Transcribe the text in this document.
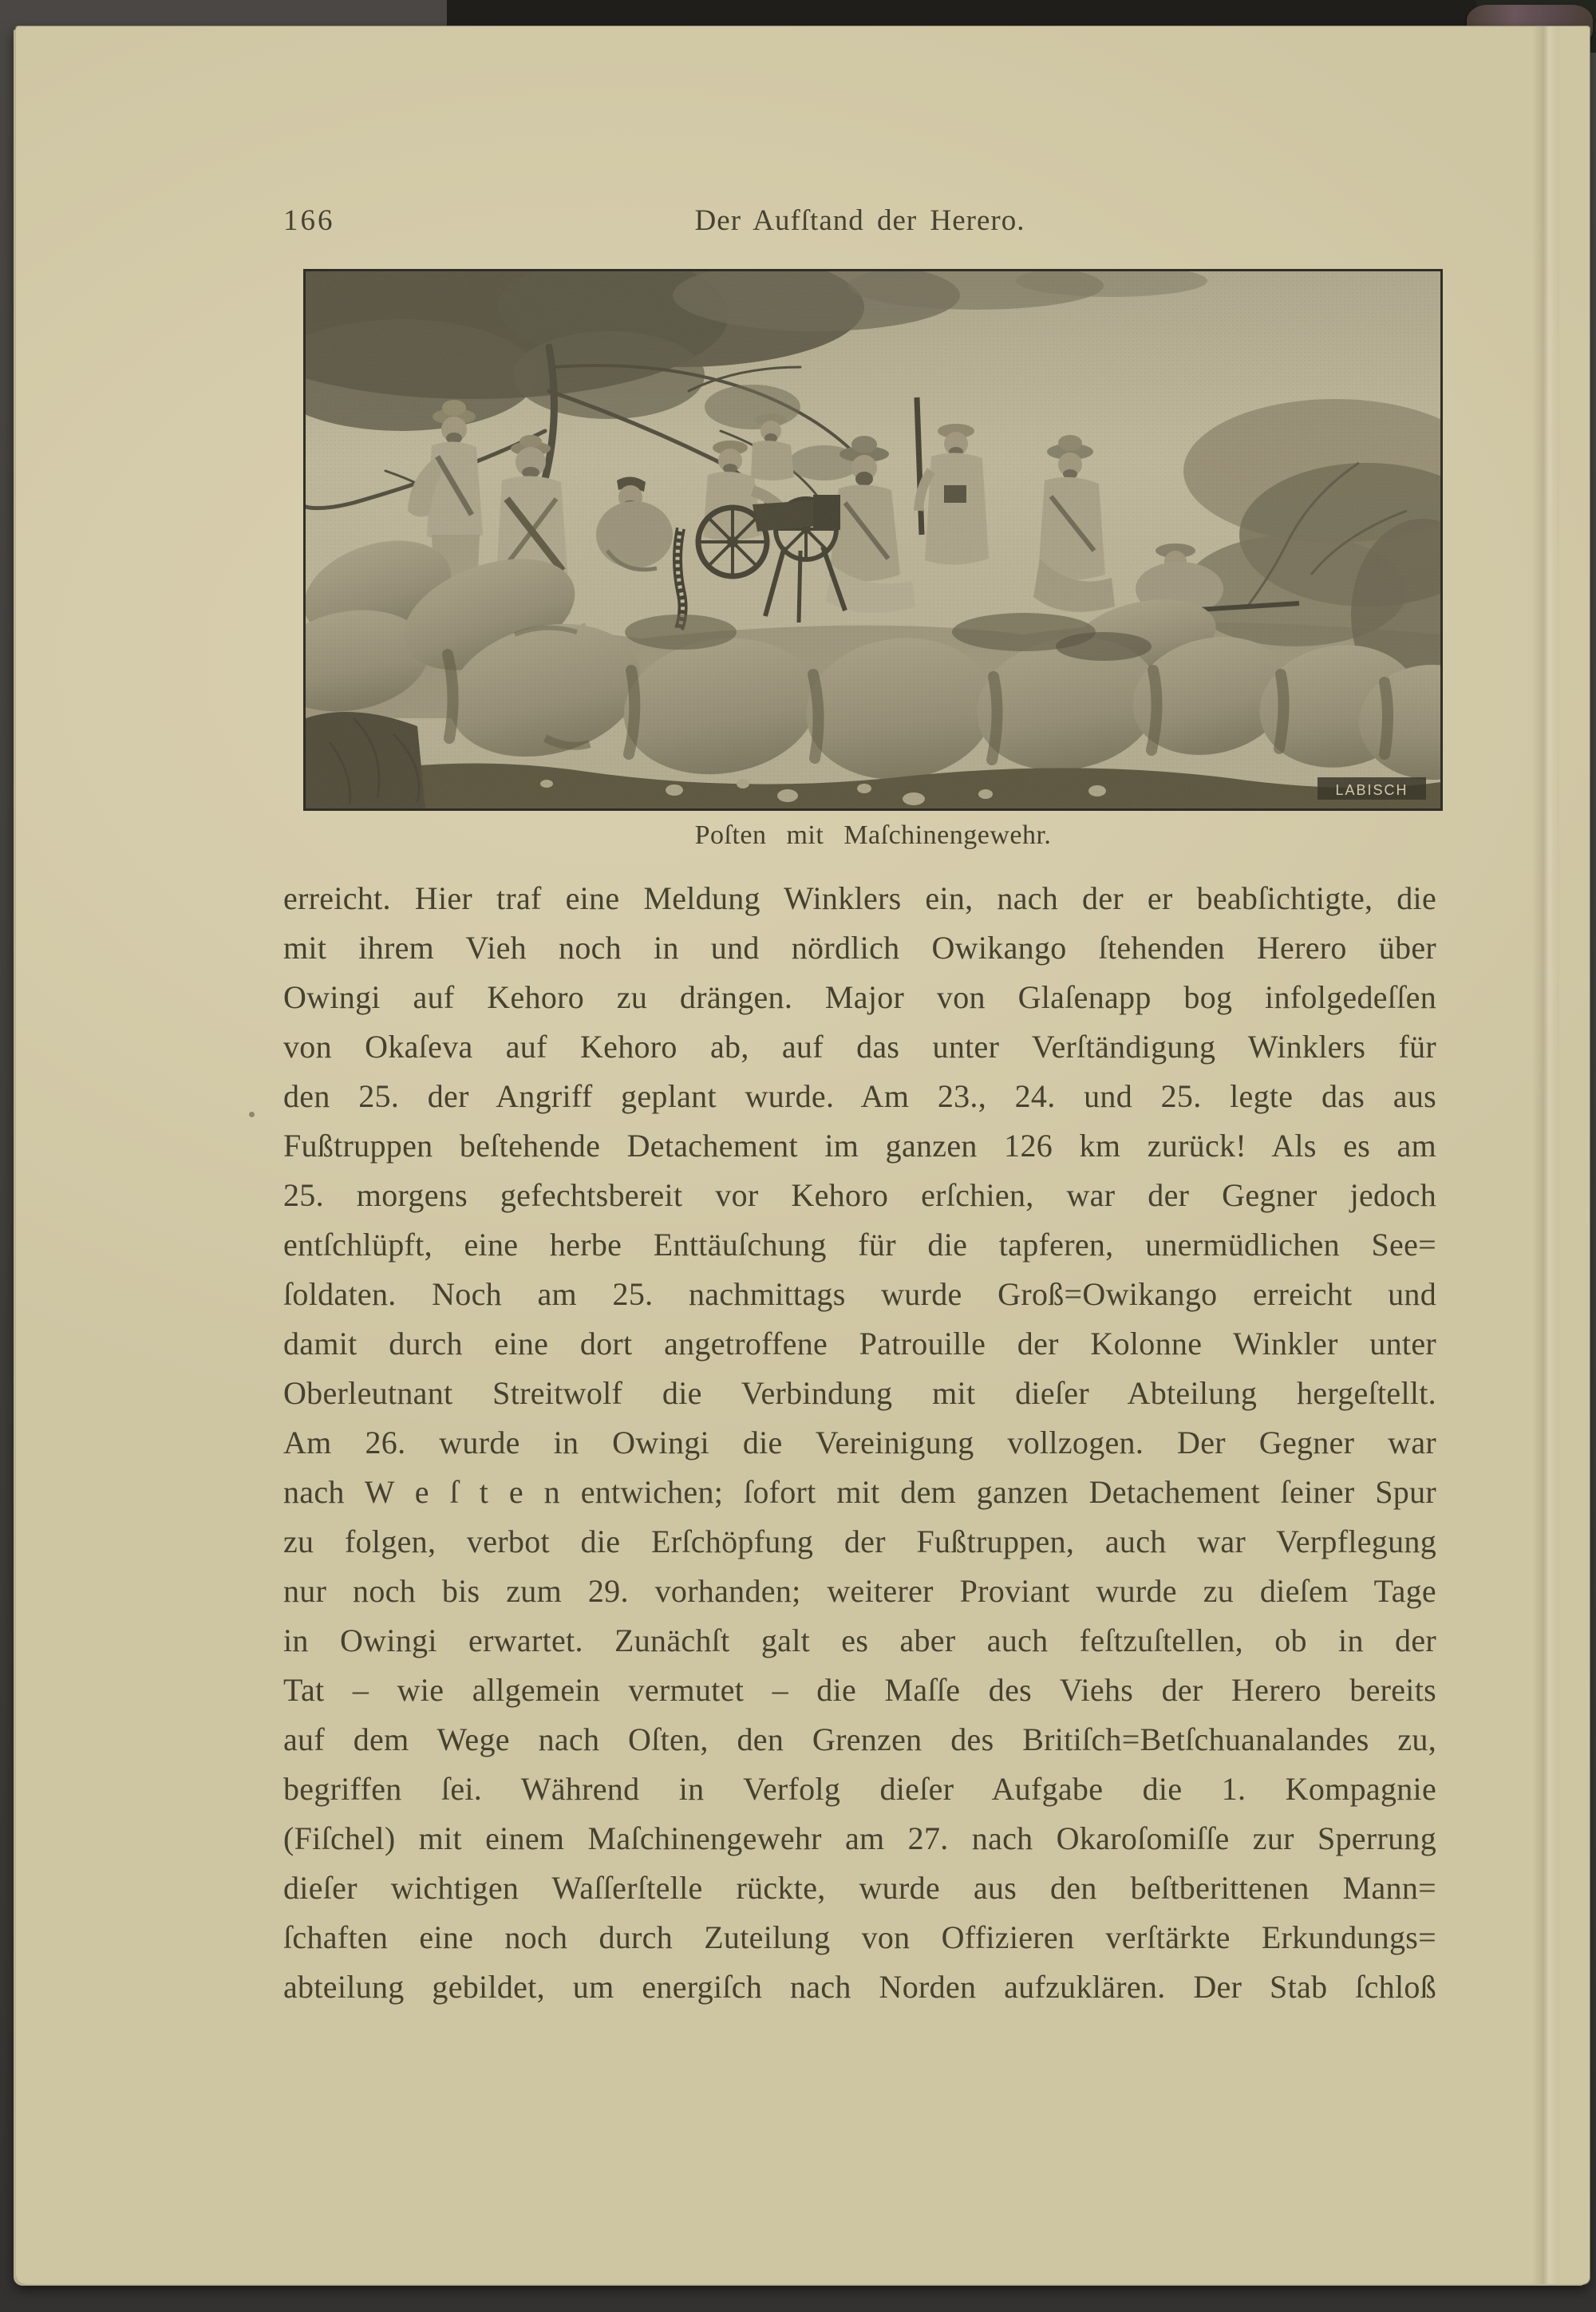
166	Der Aufſtand der Herero.
LABISCH
Poſten mit Maſchinengewehr.
erreicht. Hier traf eine Meldung Winklers ein, nach der er beabſichtigte, die
mit ihrem Vieh noch in und nördlich Owikango ſtehenden Herero über
Owingi auf Kehoro zu drängen. Major von Glaſenapp bog infolgedeſſen
von Okaſeva auf Kehoro ab, auf das unter Verſtändigung Winklers für
den 25. der Angriff geplant wurde. Am 23., 24. und 25. legte das aus
Fußtruppen beſtehende Detachement im ganzen 126 km zurück! Als es am
25. morgens gefechtsbereit vor Kehoro erſchien, war der Gegner jedoch
entſchlüpft, eine herbe Enttäuſchung für die tapferen, unermüdlichen See=
ſoldaten. Noch am 25. nachmittags wurde Groß=Owikango erreicht und
damit durch eine dort angetroffene Patrouille der Kolonne Winkler unter
Oberleutnant Streitwolf die Verbindung mit dieſer Abteilung hergeſtellt.
Am 26. wurde in Owingi die Vereinigung vollzogen. Der Gegner war
nach W e ſ t e n entwichen; ſofort mit dem ganzen Detachement ſeiner Spur
zu folgen, verbot die Erſchöpfung der Fußtruppen, auch war Verpflegung
nur noch bis zum 29. vorhanden; weiterer Proviant wurde zu dieſem Tage
in Owingi erwartet. Zunächſt galt es aber auch feſtzuſtellen, ob in der
Tat – wie allgemein vermutet – die Maſſe des Viehs der Herero bereits
auf dem Wege nach Oſten, den Grenzen des Britiſch=Betſchuanalandes zu,
begriffen ſei. Während in Verfolg dieſer Aufgabe die 1. Kompagnie
(Fiſchel) mit einem Maſchinengewehr am 27. nach Okaroſomiſſe zur Sperrung
dieſer wichtigen Waſſerſtelle rückte, wurde aus den beſtberittenen Mann=
ſchaften eine noch durch Zuteilung von Offizieren verſtärkte Erkundungs=
abteilung gebildet, um energiſch nach Norden aufzuklären. Der Stab ſchloß
